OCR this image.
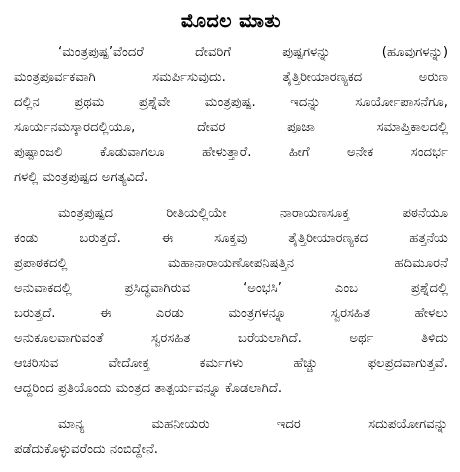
ಮೊದಲ ಮಾತು
‘ಮಂತ್ರಪುಷ್ಪ’ವೆಂದರೆ ದೇವರಿಗೆ ಪುಷ್ಪಗಳನ್ನು (ಹೂವುಗಳನ್ನು)
ಮಂತ್ರಪೂರ್ವಕವಾಗಿ ಸಮರ್ಪಿಸುವುದು. ತೈತ್ತಿರೀಯಾರಣ್ಯಕದ ಅರುಣ
ದಲ್ಲಿನ ಪ್ರಥಮ ಪ್ರಶ್ನೆವೇ ಮಂತ್ರಪುಷ್ಪ. ಇದನ್ನು ಸೂರ್ಯೋಪಾಸನೆಗೂ,
ಸೂರ್ಯನಮಸ್ಕಾರದಲ್ಲಿಯೂ, ದೇವರ ಪೂಜಾ ಸಮಾಪ್ತಿಕಾಲದಲ್ಲಿ
ಪುಷ್ಪಾಂಜಲಿ ಕೊಡುವಾಗಲೂ ಹೇಳುತ್ತಾರೆ. ಹೀಗೆ ಅನೇಕ ಸಂದರ್ಭ
ಗಳಲ್ಲಿ ಮಂತ್ರಪುಷ್ಪದ ಅಗತ್ಯವಿದೆ.
ಮಂತ್ರಪುಷ್ಪದ ರೀತಿಯಲ್ಲಿಯೇ ನಾರಾಯಣಸೂಕ್ತ ಪಠನೆಯೂ
ಕಂಡು ಬರುತ್ತದೆ. ಈ ಸೂಕ್ತವು ತೈತ್ತಿರೀಯಾರಣ್ಯಕದ ಹತ್ತನೆಯ
ಪ್ರಪಾಠಕದಲ್ಲಿ ಮಹಾನಾರಾಯಣೋಪನಿಷತ್ತಿನ ಹದಿಮೂರನೆ
ಅನುವಾಕದಲ್ಲಿ ಪ್ರಸಿದ್ಧವಾಗಿರುವ ‘ಅಂಭಸಿ’ ಎಂಬ ಪ್ರಶ್ನೆದಲ್ಲಿ
ಬರುತ್ತದೆ. ಈ ಎರಡು ಮಂತ್ರಗಳನ್ನೂ ಸ್ವರಸಹಿತ ಹೇಳಲು
ಅನುಕೂಲವಾಗುವಂತೆ ಸ್ವರಸಹಿತ ಬರೆಯಲಾಗಿದೆ. ಅರ್ಥ ತಿಳಿದು
ಆಚರಿಸುವ ವೇದೋಕ್ತ ಕರ್ಮಗಳು ಹೆಚ್ಚು ಫಲಪ್ರದವಾಗುತ್ತವೆ.
ಆದ್ದರಿಂದ ಪ್ರತಿಯೊಂದು ಮಂತ್ರದ ತಾತ್ಪರ್ಯವನ್ನೂ ಕೊಡಲಾಗಿದೆ.
ಮಾನ್ಯ ಮಹನೀಯರು ಇದರ ಸದುಪಯೋಗವನ್ನು
ಪಡೆದುಕೊಳ್ಳುವರೆಂದು ನಂಬಿದ್ದೇನೆ.
